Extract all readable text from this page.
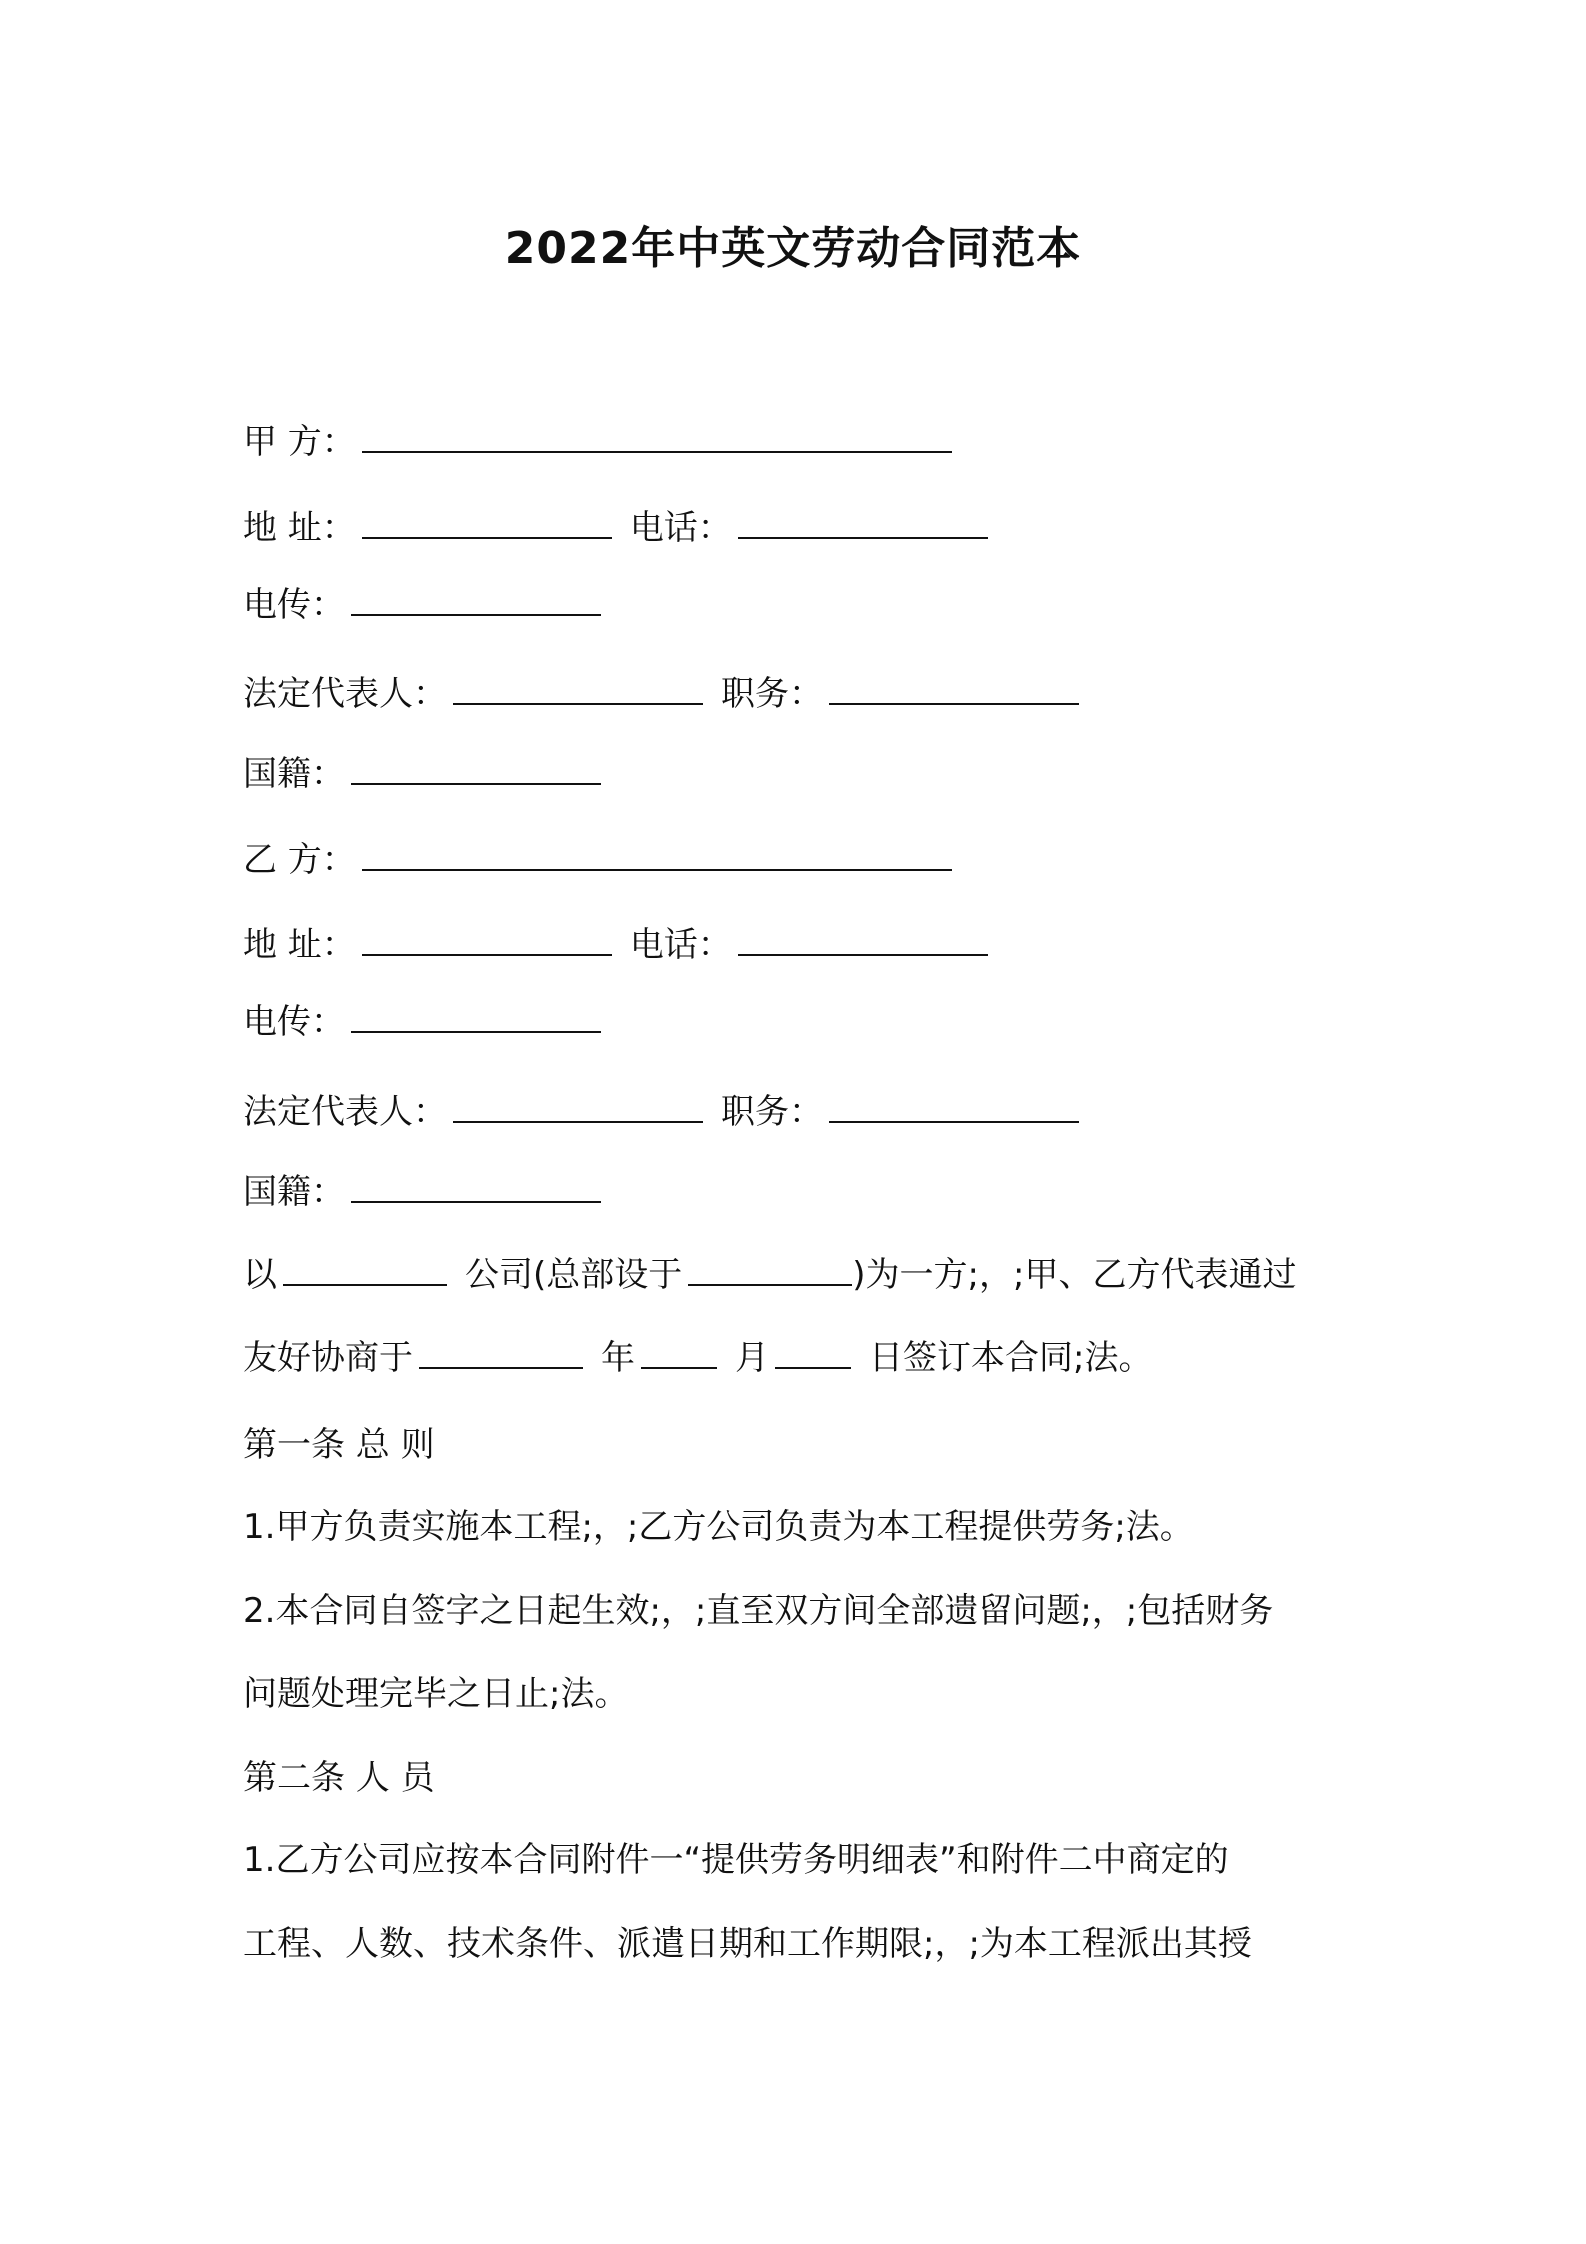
2022年中英文劳动合同范本
甲 方：
地 址：	电话：
电传：
法定代表人：	职务：
国籍：
乙 方：
地 址：	电话：
电传：
法定代表人：	职务：
国籍：
以	公司(总部设于	)为一方;，;甲、乙方代表通过
友好协商于	年	月	日签订本合同;法。
第一条 总 则
1.甲方负责实施本工程;，;乙方公司负责为本工程提供劳务;法。
2.本合同自签字之日起生效;，;直至双方间全部遗留问题;，;包括财务
问题处理完毕之日止;法。
第二条 人 员
1.乙方公司应按本合同附件一“提供劳务明细表”和附件二中商定的
工程、人数、技术条件、派遣日期和工作期限;，;为本工程派出其授
